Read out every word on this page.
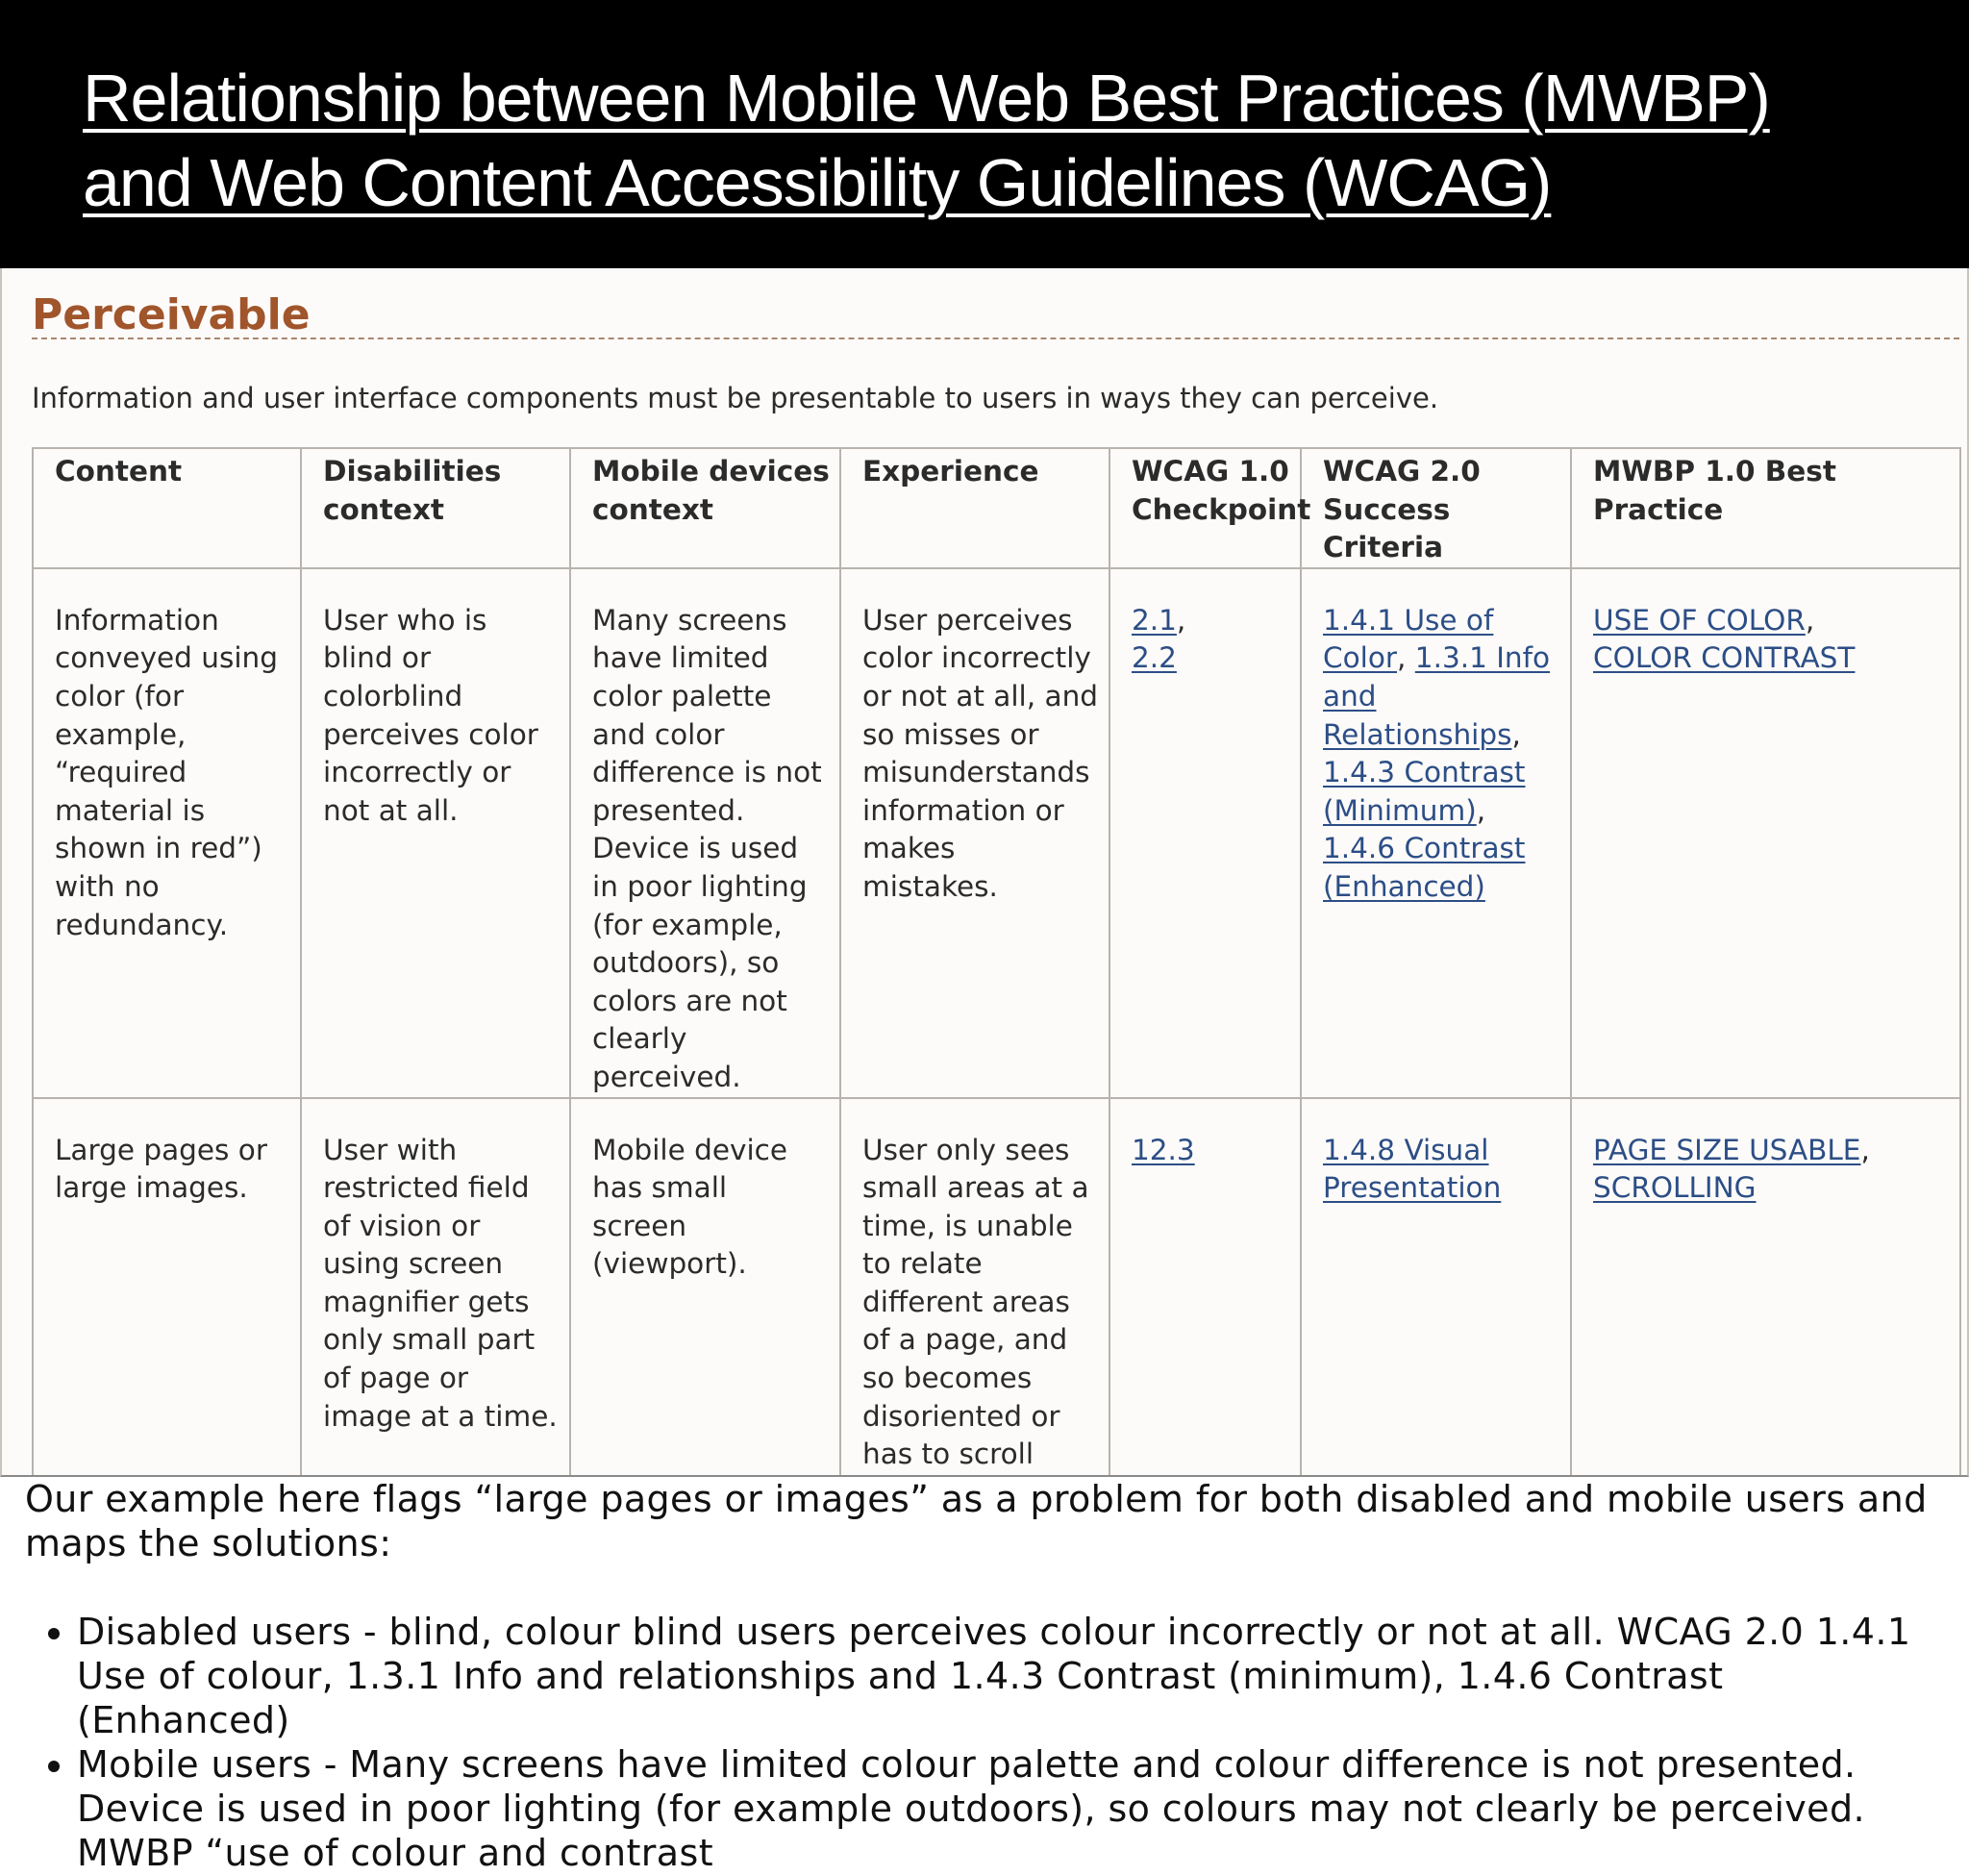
Relationship between Mobile Web Best Practices (MWBP)
and Web Content Accessibility Guidelines (WCAG)
Perceivable

Information and user interface components must be presentable to users in ways they can perceive.

Content	Disabilities context	Mobile devices context	Experience	WCAG 1.0 Checkpoint	WCAG 2.0 Success Criteria	MWBP 1.0 Best Practice
Information conveyed using color (for example, “required material is shown in red”) with no redundancy.	User who is blind or colorblind perceives color incorrectly or not at all.	Many screens have limited color palette and color difference is not presented. Device is used in poor lighting (for example, outdoors), so colors are not clearly perceived.	User perceives color incorrectly or not at all, and so misses or misunderstands information or makes mistakes.	2.1,
2.2	1.4.1 Use of Color, 1.3.1 Info and Relationships, 1.4.3 Contrast (Minimum), 1.4.6 Contrast (Enhanced)	USE OF COLOR,
COLOR CONTRAST
Large pages or large images.	User with restricted field of vision or using screen magnifier gets only small part of page or image at a time.	Mobile device has small screen (viewport).	User only sees small areas at a time, is unable to relate different areas of a page, and so becomes disoriented or has to scroll	12.3	1.4.8 Visual Presentation	PAGE SIZE USABLE,
SCROLLING

Our example here flags “large pages or images” as a problem for both disabled and mobile users and maps the solutions:

• Disabled users - blind, colour blind users perceives colour incorrectly or not at all. WCAG 2.0 1.4.1 Use of colour, 1.3.1 Info and relationships and 1.4.3 Contrast (minimum), 1.4.6 Contrast (Enhanced)
• Mobile users - Many screens have limited colour palette and colour difference is not presented. Device is used in poor lighting (for example outdoors), so colours may not clearly be perceived. MWBP “use of colour and contrast
